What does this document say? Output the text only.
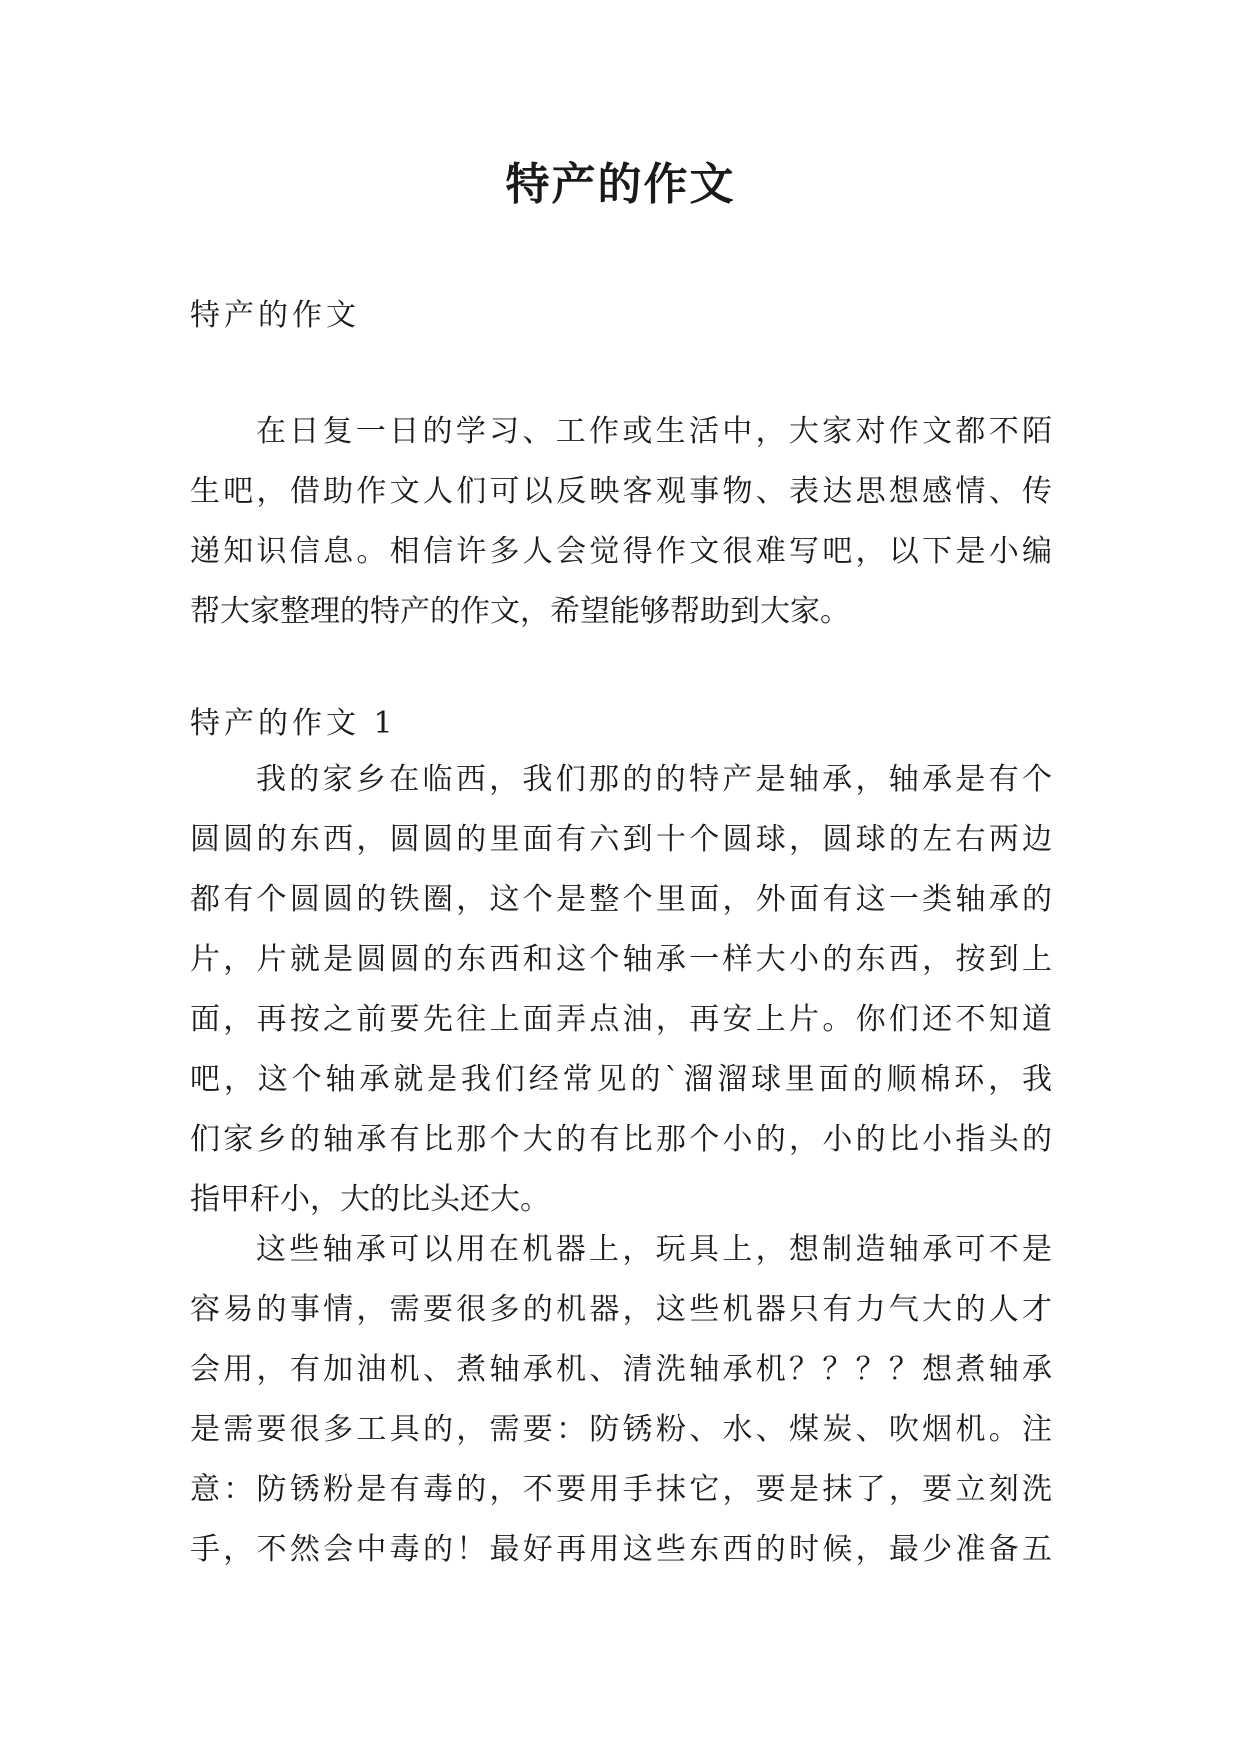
特产的作文

特产的作文

在日复一日的学习、工作或生活中，大家对作文都不陌
生吧，借助作文人们可以反映客观事物、表达思想感情、传
递知识信息。相信许多人会觉得作文很难写吧，以下是小编
帮大家整理的特产的作文，希望能够帮助到大家。

特产的作文 1

我的家乡在临西，我们那的的特产是轴承，轴承是有个
圆圆的东西，圆圆的里面有六到十个圆球，圆球的左右两边
都有个圆圆的铁圈，这个是整个里面，外面有这一类轴承的
片，片就是圆圆的东西和这个轴承一样大小的东西，按到上
面，再按之前要先往上面弄点油，再安上片。你们还不知道
吧，这个轴承就是我们经常见的`溜溜球里面的顺棉环，我
们家乡的轴承有比那个大的有比那个小的，小的比小指头的
指甲秆小，大的比头还大。
这些轴承可以用在机器上，玩具上，想制造轴承可不是
容易的事情，需要很多的机器，这些机器只有力气大的人才
会用，有加油机、煮轴承机、清洗轴承机？？？？想煮轴承
是需要很多工具的，需要：防锈粉、水、煤炭、吹烟机。注
意：防锈粉是有毒的，不要用手抹它，要是抹了，要立刻洗
手，不然会中毒的！最好再用这些东西的时候，最少准备五
